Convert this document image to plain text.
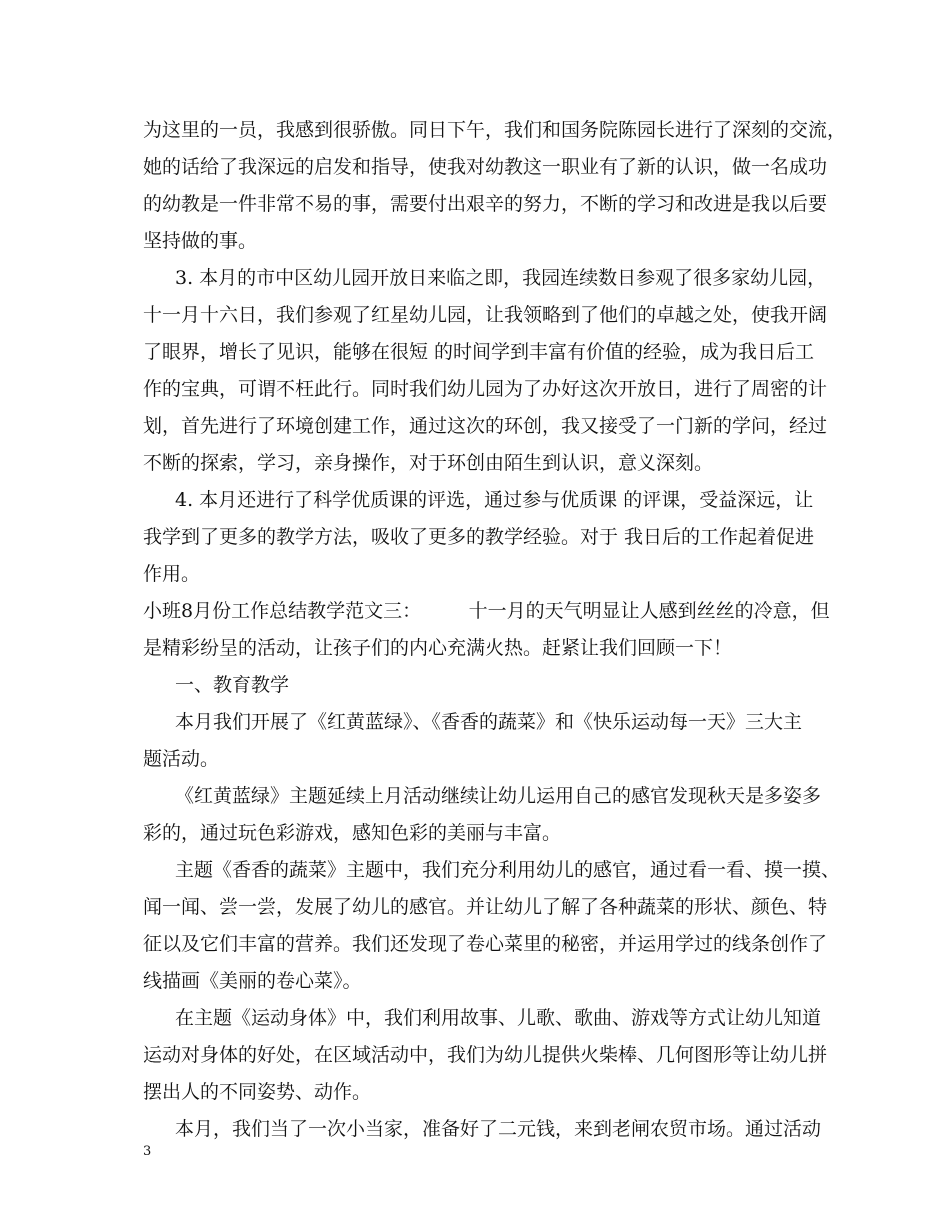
为这里的一员，我感到很骄傲。同日下午，我们和国务院陈园长进行了深刻的交流，
她的话给了我深远的启发和指导，使我对幼教这一职业有了新的认识，做一名成功
的幼教是一件非常不易的事，需要付出艰辛的努力，不断的学习和改进是我以后要
坚持做的事。
3. 本月的市中区幼儿园开放日来临之即，我园连续数日参观了很多家幼儿园，
十一月十六日，我们参观了红星幼儿园，让我领略到了他们的卓越之处，使我开阔
了眼界，增长了见识，能够在很短 的时间学到丰富有价值的经验，成为我日后工
作的宝典，可谓不枉此行。同时我们幼儿园为了办好这次开放日，进行了周密的计
划，首先进行了环境创建工作，通过这次的环创，我又接受了一门新的学问，经过
不断的探索，学习，亲身操作，对于环创由陌生到认识，意义深刻。
4. 本月还进行了科学优质课的评选，通过参与优质课 的评课，受益深远，让
我学到了更多的教学方法，吸收了更多的教学经验。对于 我日后的工作起着促进
作用。
小班8月份工作总结教学范文三：　　　十一月的天气明显让人感到丝丝的冷意，但
是精彩纷呈的活动，让孩子们的内心充满火热。赶紧让我们回顾一下！
一、教育教学
本月我们开展了《红黄蓝绿》、《香香的蔬菜》和《快乐运动每一天》三大主
题活动。
《红黄蓝绿》主题延续上月活动继续让幼儿运用自己的感官发现秋天是多姿多
彩的，通过玩色彩游戏，感知色彩的美丽与丰富。
主题《香香的蔬菜》主题中，我们充分利用幼儿的感官，通过看一看、摸一摸、
闻一闻、尝一尝，发展了幼儿的感官。并让幼儿了解了各种蔬菜的形状、颜色、特
征以及它们丰富的营养。我们还发现了卷心菜里的秘密，并运用学过的线条创作了
线描画《美丽的卷心菜》。
在主题《运动身体》中，我们利用故事、儿歌、歌曲、游戏等方式让幼儿知道
运动对身体的好处，在区域活动中，我们为幼儿提供火柴棒、几何图形等让幼儿拼
摆出人的不同姿势、动作。
本月，我们当了一次小当家，准备好了二元钱，来到老闸农贸市场。通过活动
3
